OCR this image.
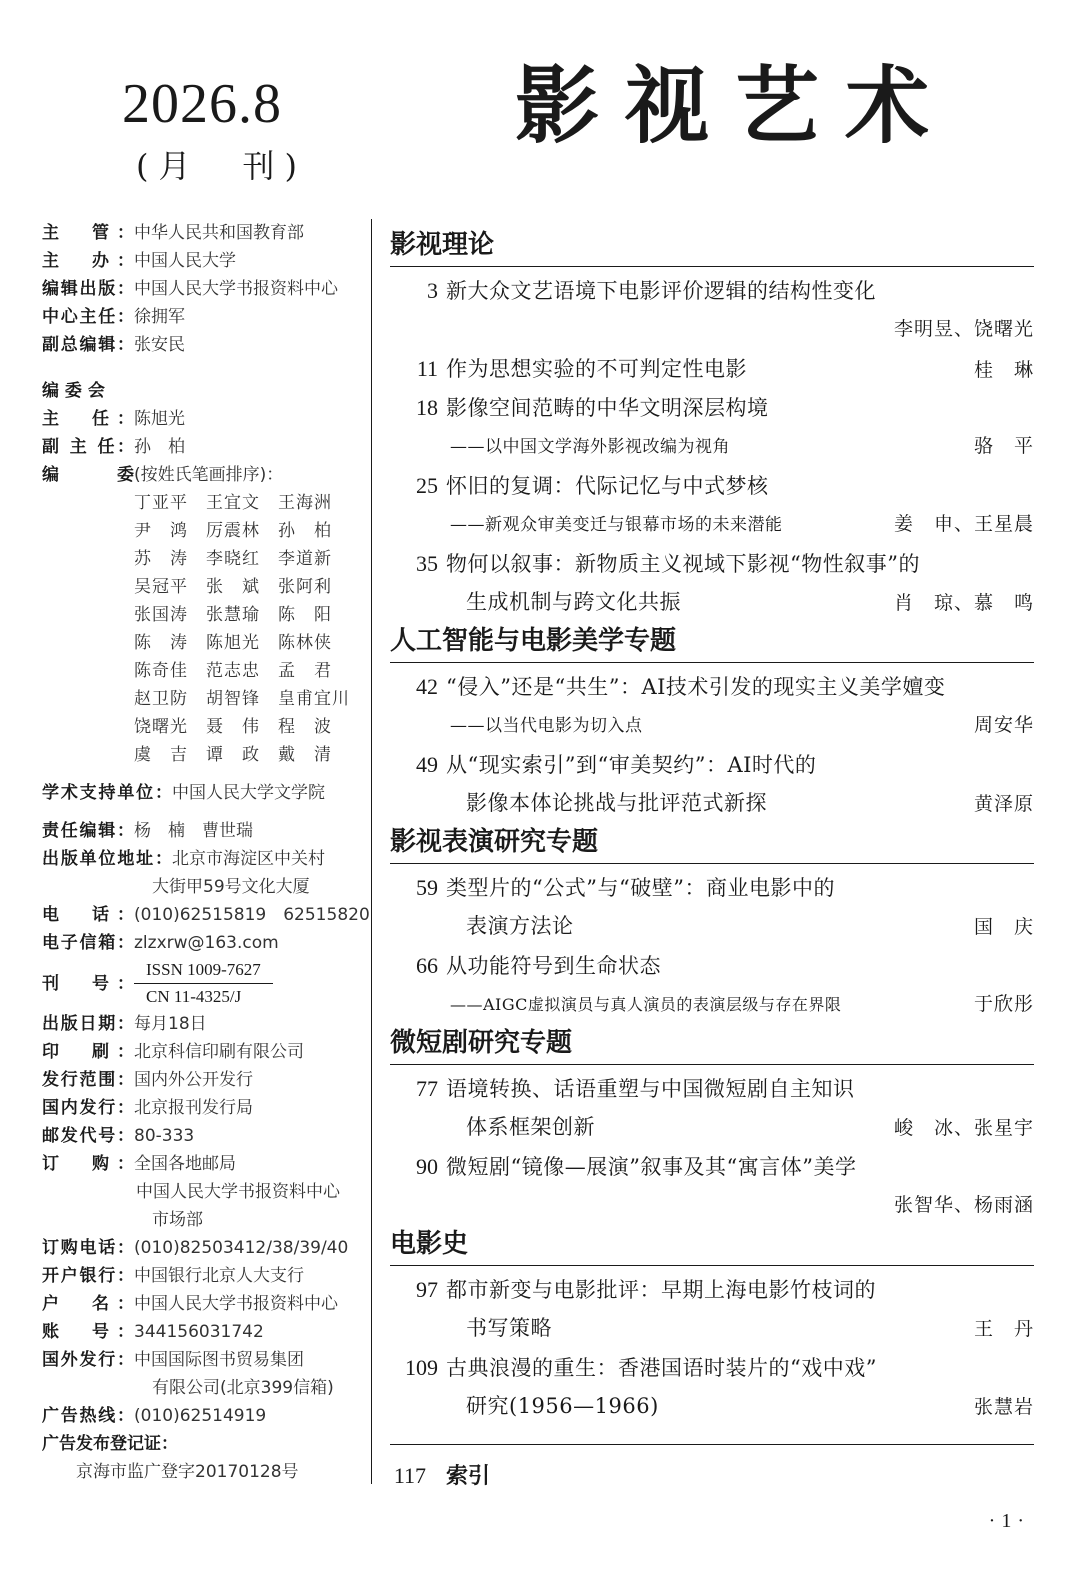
2026.8
(月　刊)
影视艺术
主　管： 中华人民共和国教育部
主　办： 中国人民大学
编辑出版： 中国人民大学书报资料中心
中心主任： 徐拥军
副总编辑： 张安民
编 委 会
主　任： 陈旭光
副 主 任： 孙　柏
编　委 (按姓氏笔画排序)：
丁亚平	王宜文	王海洲
尹　鸿	厉震林	孙　柏
苏　涛	李晓红	李道新
吴冠平	张　斌	张阿利
张国涛	张慧瑜	陈　阳
陈　涛	陈旭光	陈林侠
陈奇佳	范志忠	孟　君
赵卫防	胡智锋	皇甫宜川
饶曙光	聂　伟	程　波
虞　吉	谭　政	戴　清
学术支持单位： 中国人民大学文学院
责任编辑： 杨　楠　曹世瑞
出版单位地址： 北京市海淀区中关村
大街甲59号文化大厦
电　话： (010)62515819　62515820
电子信箱： zlzxrw@163.com
刊　号：
ISSN 1009-7627
CN 11-4325/J
出版日期： 每月18日
印　刷： 北京科信印刷有限公司
发行范围： 国内外公开发行
国内发行： 北京报刊发行局
邮发代号： 80-333
订　购： 全国各地邮局
中国人民大学书报资料中心
市场部
订购电话： (010)82503412/38/39/40
开户银行： 中国银行北京人大支行
户　名： 中国人民大学书报资料中心
账　号： 344156031742
国外发行： 中国国际图书贸易集团
有限公司(北京399信箱)
广告热线： (010)62514919
广告发布登记证：
京海市监广登字20170128号
影视理论
3 新大众文艺语境下电影评价逻辑的结构性变化
李明昱、饶曙光
11 作为思想实验的不可判定性电影	桂　琳
18 影像空间范畴的中华文明深层构境
——以中国文学海外影视改编为视角	骆　平
25 怀旧的复调：代际记忆与中式梦核
——新观众审美变迁与银幕市场的未来潜能	姜　申、王星晨
35 物何以叙事：新物质主义视域下影视“物性叙事”的
生成机制与跨文化共振	肖　琼、慕　鸣
人工智能与电影美学专题
42 “侵入”还是“共生”：AI技术引发的现实主义美学嬗变
——以当代电影为切入点	周安华
49 从“现实索引”到“审美契约”：AI时代的
影像本体论挑战与批评范式新探	黄泽原
影视表演研究专题
59 类型片的“公式”与“破壁”：商业电影中的
表演方法论	国　庆
66 从功能符号到生命状态
——AIGC虚拟演员与真人演员的表演层级与存在界限	于欣彤
微短剧研究专题
77 语境转换、话语重塑与中国微短剧自主知识
体系框架创新	峻　冰、张星宇
90 微短剧“镜像—展演”叙事及其“寓言体”美学
张智华、杨雨涵
电影史
97 都市新变与电影批评：早期上海电影竹枝词的
书写策略	王　丹
109 古典浪漫的重生：香港国语时装片的“戏中戏”
研究(1956—1966)	张慧岩
117 索引
·1·
